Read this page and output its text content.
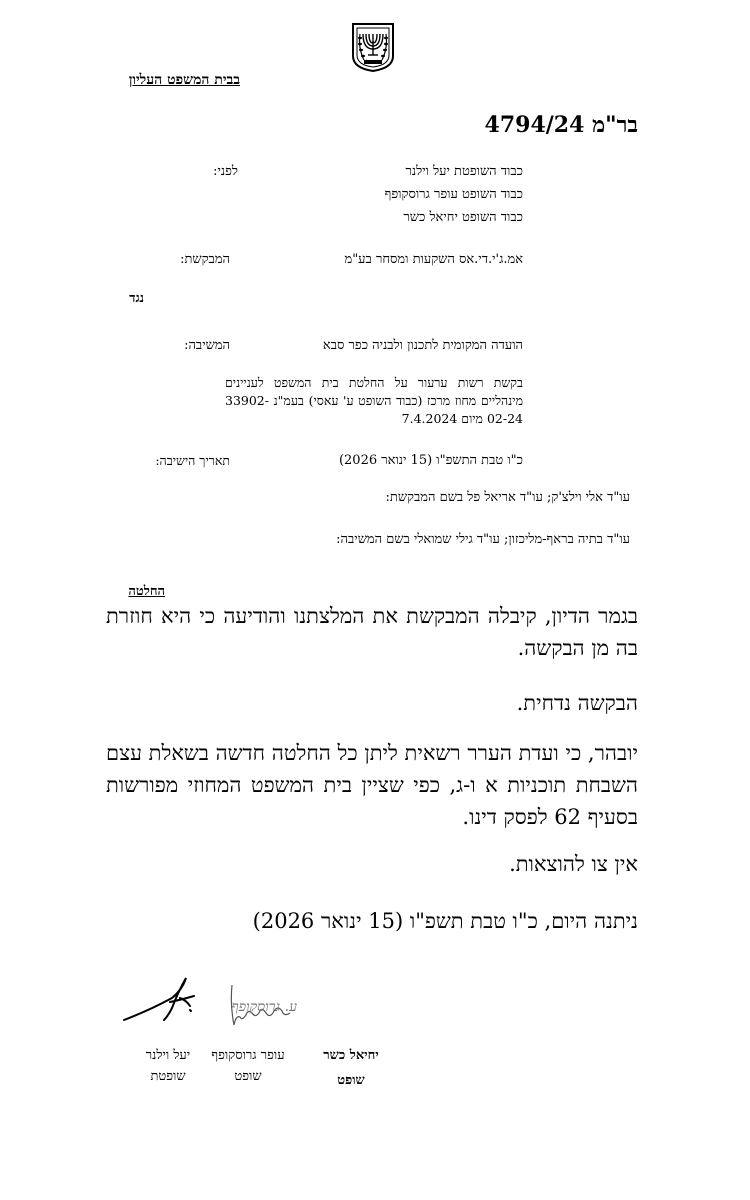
ישראל
בבית המשפט העליון
בר"מ 4794/24
לפני:	כבוד השופטת יעל וילנר
כבוד השופט עופר גרוסקופף
כבוד השופט יחיאל כשר
המבקשת:	אמ.ג'י.די.אס השקעות ומסחר בע"מ
נגד
המשיבה:	הועדה המקומית לתכנון ולבניה כפר סבא
בקשת רשות ערעור על החלטת בית המשפט לעניינים מינהליים מחוז מרכז (כבוד השופט ע' עאסי) בעמ"נ 33902-02-24 מיום 7.4.2024
תאריך הישיבה:	כ"ו טבת התשפ"ו (15 ינואר 2026)
עו"ד אלי וילצ'ק; עו"ד אריאל פל בשם המבקשת:
עו"ד בתיה בראף-מליכזון; עו"ד גילי שמואלי בשם המשיבה:
החלטה
בגמר הדיון, קיבלה המבקשת את המלצתנו והודיעה כי היא חוזרת בה מן הבקשה.
הבקשה נדחית.
יובהר, כי ועדת הערר רשאית ליתן כל החלטה חדשה בשאלת עצם השבחת תוכניות א ו-ג, כפי שציין בית המשפט המחוזי מפורשות בסעיף 62 לפסק דינו.
אין צו להוצאות.
ניתנה היום, כ"ו טבת תשפ"ו (15 ינואר 2026)
ע. גרוסקופף
יעל וילנר
שופטת
עופר גרוסקופף
שופט
יחיאל כשר
שופט
